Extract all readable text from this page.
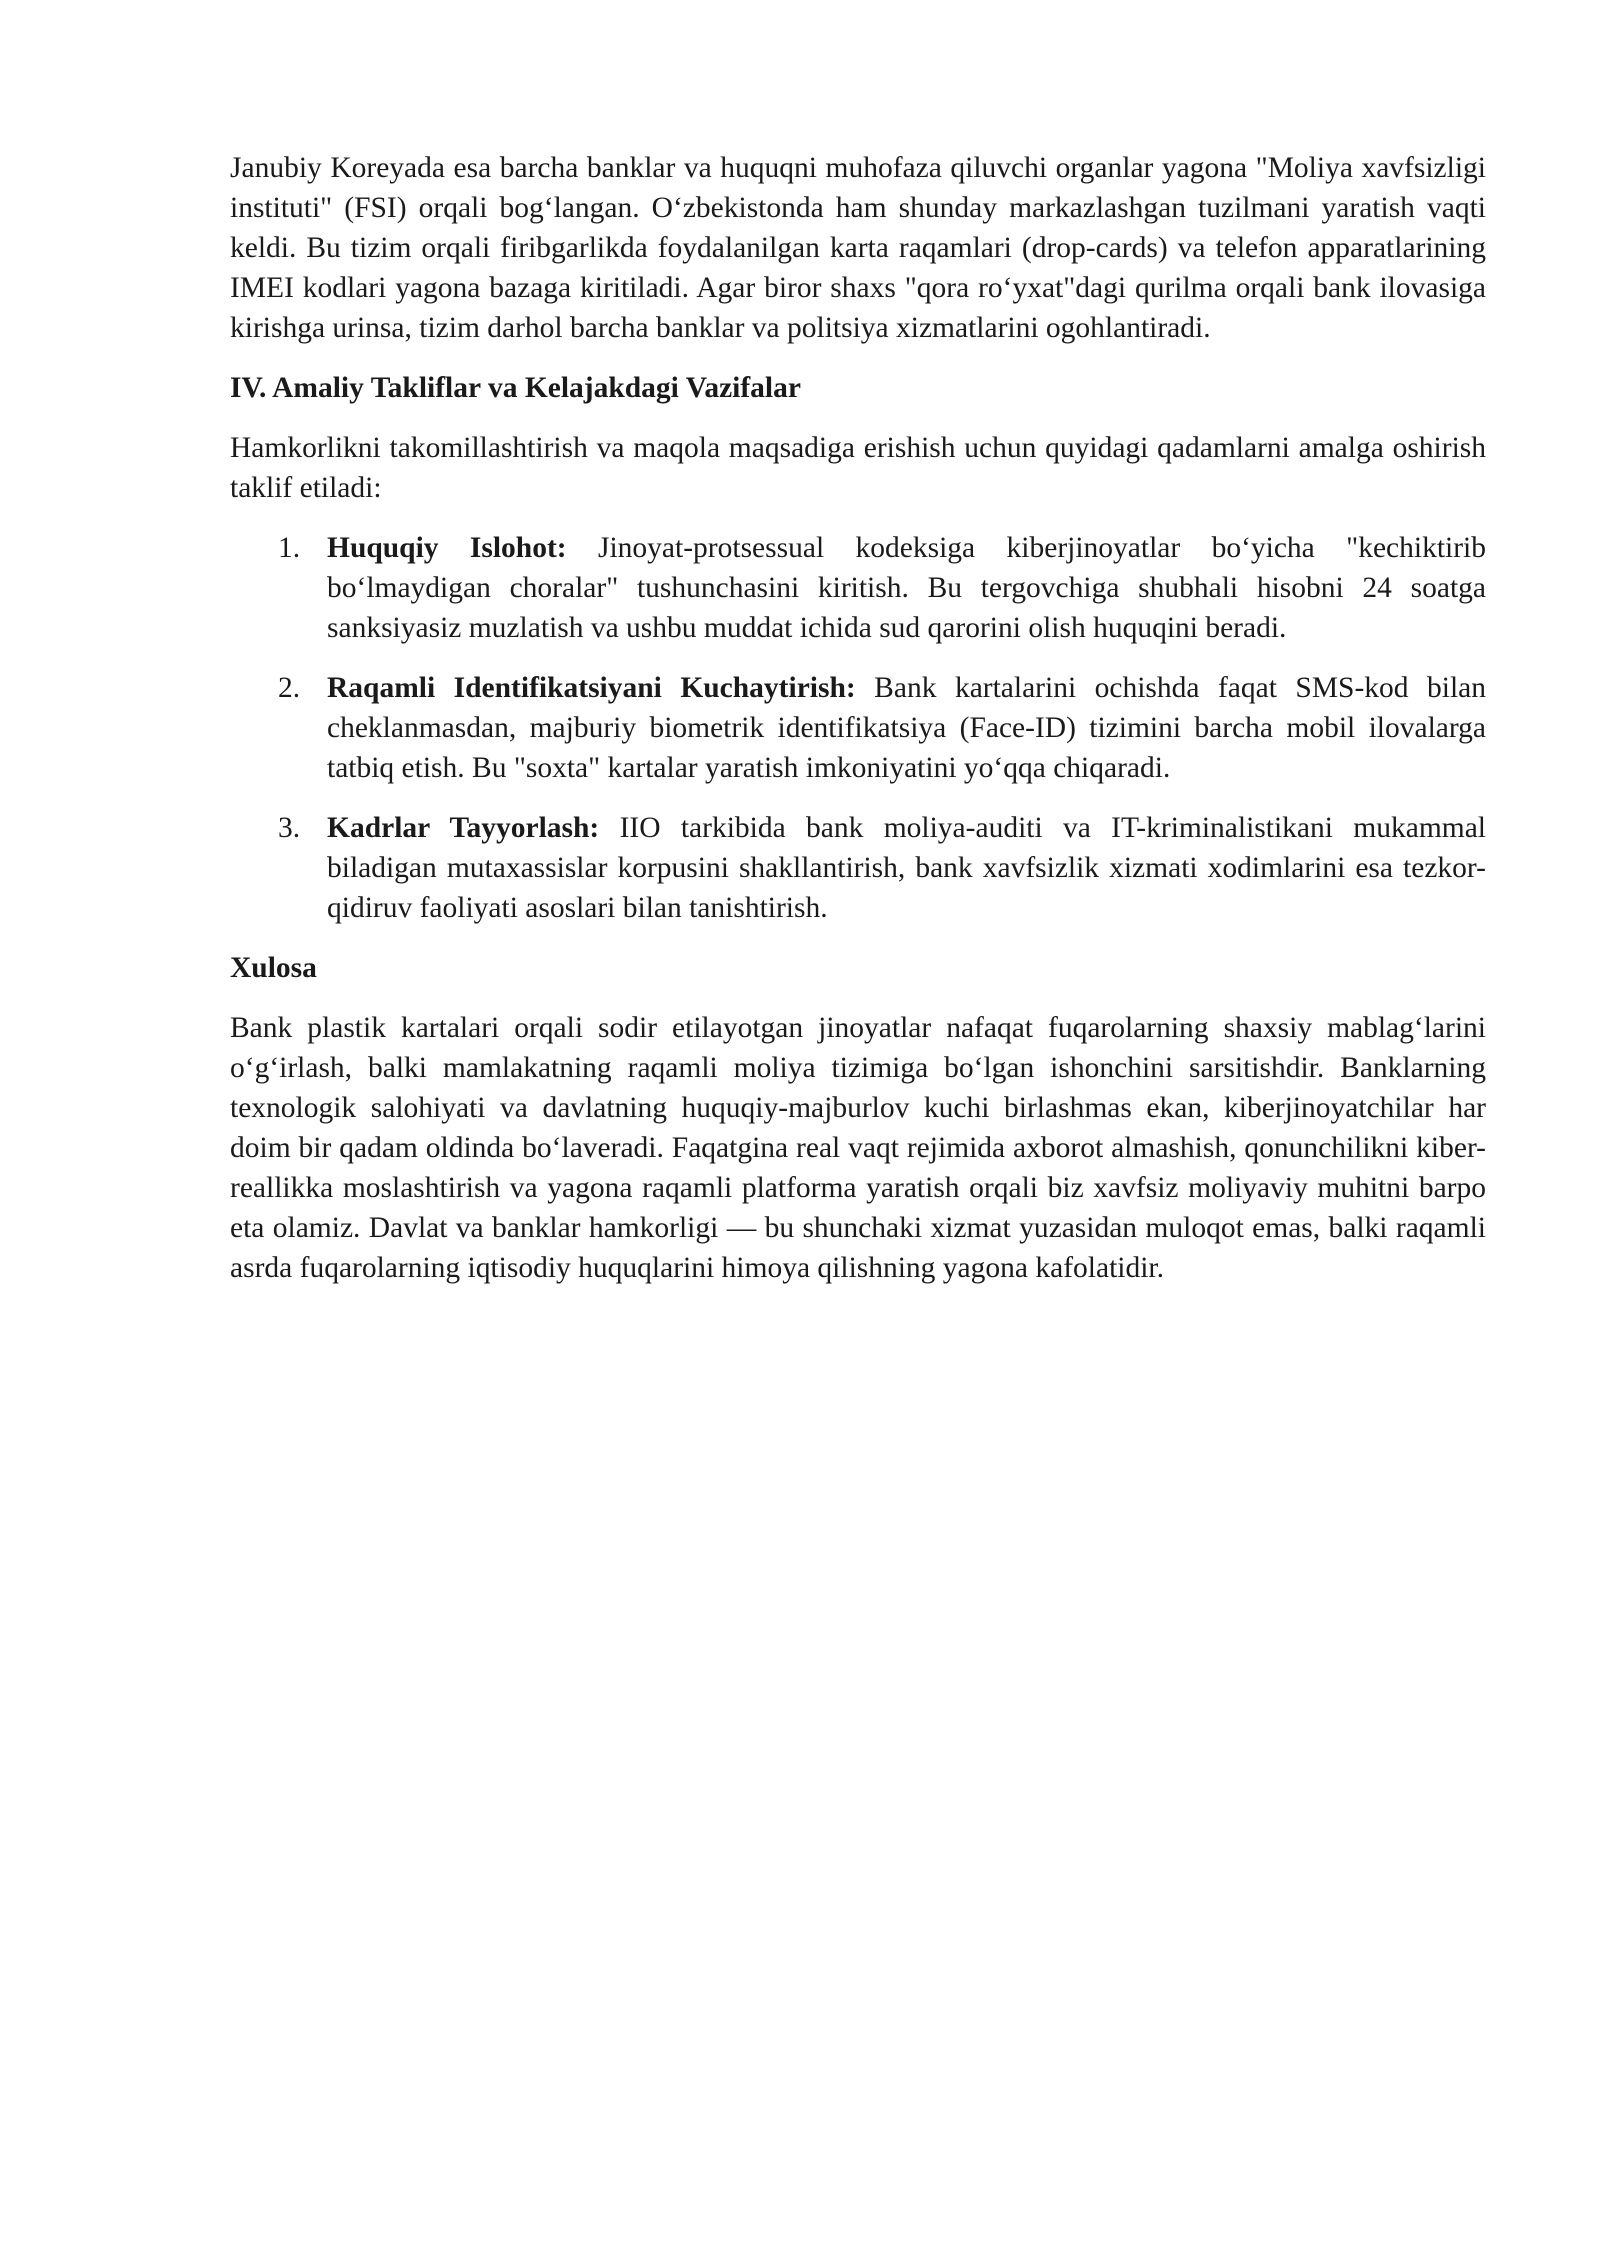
Janubiy Koreyada esa barcha banklar va huquqni muhofaza qiluvchi organlar yagona "Moliya xavfsizligi instituti" (FSI) orqali bog‘langan. O‘zbekistonda ham shunday markazlashgan tuzilmani yaratish vaqti keldi. Bu tizim orqali firibgarlikda foydalanilgan karta raqamlari (drop-cards) va telefon apparatlarining IMEI kodlari yagona bazaga kiritiladi. Agar biror shaxs "qora ro‘yxat"dagi qurilma orqali bank ilovasiga kirishga urinsa, tizim darhol barcha banklar va politsiya xizmatlarini ogohlantiradi.

IV. Amaliy Takliflar va Kelajakdagi Vazifalar

Hamkorlikni takomillashtirish va maqola maqsadiga erishish uchun quyidagi qadamlarni amalga oshirish taklif etiladi:

1. Huquqiy Islohot: Jinoyat-protsessual kodeksiga kiberjinoyatlar bo‘yicha "kechiktirib bo‘lmaydigan choralar" tushunchasini kiritish. Bu tergovchiga shubhali hisobni 24 soatga sanksiyasiz muzlatish va ushbu muddat ichida sud qarorini olish huquqini beradi.
2. Raqamli Identifikatsiyani Kuchaytirish: Bank kartalarini ochishda faqat SMS-kod bilan cheklanmasdan, majburiy biometrik identifikatsiya (Face-ID) tizimini barcha mobil ilovalarga tatbiq etish. Bu "soxta" kartalar yaratish imkoniyatini yo‘qqa chiqaradi.
3. Kadrlar Tayyorlash: IIO tarkibida bank moliya-auditi va IT-kriminalistikani mukammal biladigan mutaxassislar korpusini shakllantirish, bank xavfsizlik xizmati xodimlarini esa tezkor-qidiruv faoliyati asoslari bilan tanishtirish.
Xulosa

Bank plastik kartalari orqali sodir etilayotgan jinoyatlar nafaqat fuqarolarning shaxsiy mablag‘larini o‘g‘irlash, balki mamlakatning raqamli moliya tizimiga bo‘lgan ishonchini sarsitishdir. Banklarning texnologik salohiyati va davlatning huquqiy-majburlov kuchi birlashmas ekan, kiberjinoyatchilar har doim bir qadam oldinda bo‘laveradi. Faqatgina real vaqt rejimida axborot almashish, qonunchilikni kiber-reallikka moslashtirish va yagona raqamli platforma yaratish orqali biz xavfsiz moliyaviy muhitni barpo eta olamiz. Davlat va banklar hamkorligi — bu shunchaki xizmat yuzasidan muloqot emas, balki raqamli asrda fuqarolarning iqtisodiy huquqlarini himoya qilishning yagona kafolatidir.
